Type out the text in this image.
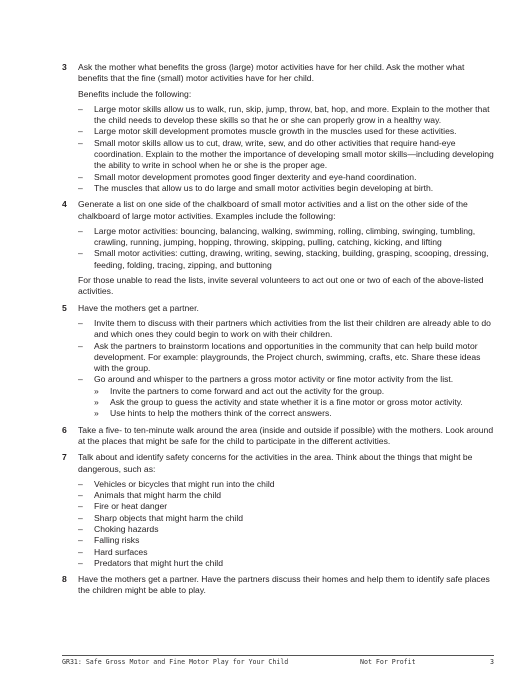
3 Ask the mother what benefits the gross (large) motor activities have for her child. Ask the mother what benefits that the fine (small) motor activities have for her child.

Benefits include the following:

– Large motor skills allow us to walk, run, skip, jump, throw, bat, hop, and more. Explain to the mother that the child needs to develop these skills so that he or she can properly grow in a healthy way.
– Large motor skill development promotes muscle growth in the muscles used for these activities.
– Small motor skills allow us to cut, draw, write, sew, and do other activities that require hand-eye coordination. Explain to the mother the importance of developing small motor skills—including developing the ability to write in school when he or she is the proper age.
– Small motor development promotes good finger dexterity and eye-hand coordination.
– The muscles that allow us to do large and small motor activities begin developing at birth.
4 Generate a list on one side of the chalkboard of small motor activities and a list on the other side of the chalkboard of large motor activities. Examples include the following:

– Large motor activities: bouncing, balancing, walking, swimming, rolling, climbing, swinging, tumbling, crawling, running, jumping, hopping, throwing, skipping, pulling, catching, kicking, and lifting
– Small motor activities: cutting, drawing, writing, sewing, stacking, building, grasping, scooping, dressing, feeding, folding, tracing, zipping, and buttoning

For those unable to read the lists, invite several volunteers to act out one or two of each of the above-listed activities.

5 Have the mothers get a partner.

– Invite them to discuss with their partners which activities from the list their children are already able to do and which ones they could begin to work on with their children.
– Ask the partners to brainstorm locations and opportunities in the community that can help build motor development. For example: playgrounds, the Project church, swimming, crafts, etc. Share these ideas with the group.
– Go around and whisper to the partners a gross motor activity or fine motor activity from the list.
» Invite the partners to come forward and act out the activity for the group.
» Ask the group to guess the activity and state whether it is a fine motor or gross motor activity.
» Use hints to help the mothers think of the correct answers.
6 Take a five- to ten-minute walk around the area (inside and outside if possible) with the mothers. Look around at the places that might be safe for the child to participate in the different activities.

7 Talk about and identify safety concerns for the activities in the area. Think about the things that might be dangerous, such as:

– Vehicles or bicycles that might run into the child
– Animals that might harm the child
– Fire or heat danger
– Sharp objects that might harm the child
– Choking hazards
– Falling risks
– Hard surfaces
– Predators that might hurt the child
8 Have the mothers get a partner. Have the partners discuss their homes and help them to identify safe places the children might be able to play.

GR31: Safe Gross Motor and Fine Motor Play for Your Child	Not For Profit	3
